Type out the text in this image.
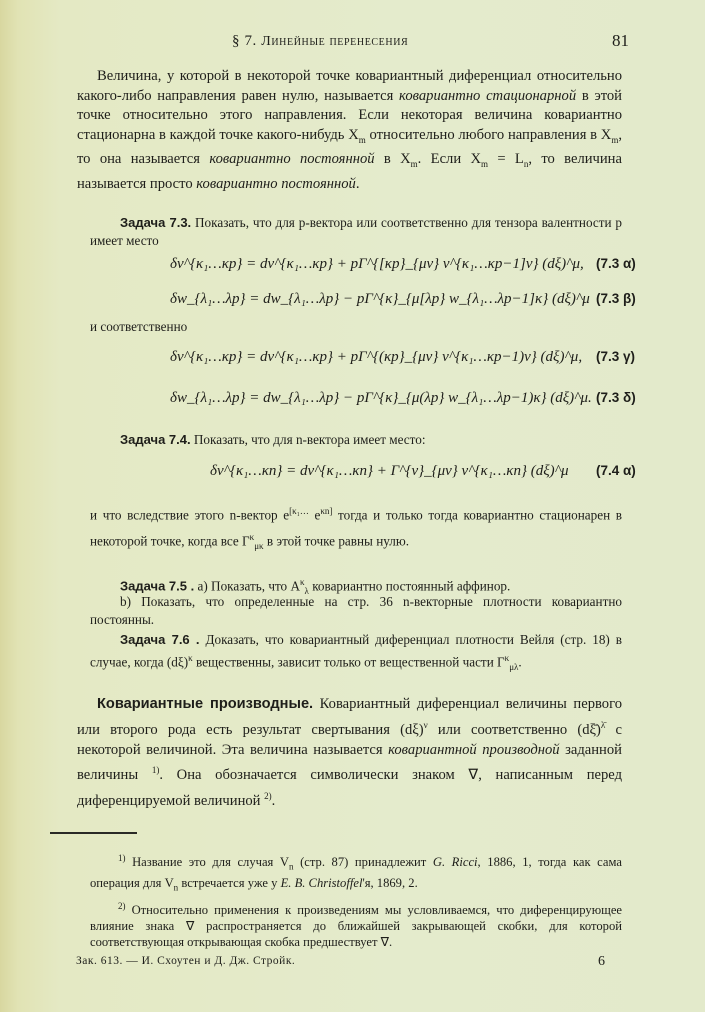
§ 7. Линейные перенесения	81
Величина, у которой в некоторой точке ковариантный диференциал относительно какого-либо направления равен нулю, называется ковариантно стационарной в этой точке относительно этого направления. Если некоторая величина ковариантно стационарна в каждой точке какого-нибудь $X_m$ относительно любого направления в $X_m$, то она называется ковариантно постоянной в $X_m$. Если $X_m = L_n$, то величина называется просто ковариантно постоянной.
Задача 7.3. Показать, что для p-вектора или соответственно для тензора валентности p имеет место
δv^{κ₁…κp} = dv^{κ₁…κp} + pΓ^{[κp}_{μν} v^{κ₁…κp−1]ν} (dξ)^μ, (7.3 α)
δw_{λ₁…λp} = dw_{λ₁…λp} − pΓ^{κ}_{μ[λp} w_{λ₁…λp−1]κ} (dξ)^μ (7.3 β)
и соответственно
δv^{κ₁…κp} = dv^{κ₁…κp} + pΓ^{(κp}_{μν} v^{κ₁…κp−1)ν} (dξ)^μ, (7.3 γ)
δw_{λ₁…λp} = dw_{λ₁…λp} − pΓ^{κ}_{μ(λp} w_{λ₁…λp−1)κ} (dξ)^μ. (7.3 δ)
Задача 7.4. Показать, что для n-вектора имеет место:
δv^{κ₁…κn} = dv^{κ₁…κn} + Γ^{ν}_{μν} v^{κ₁…κn} (dξ)^μ (7.4 α)
и что вследствие этого n-вектор $e^{[\kappa_1\dots}$ $e^{\kappa n]}$ тогда и только тогда ковариантно стационарен в некоторой точке, когда все $\Gamma^\kappa_{\mu\kappa}$ в этой точке равны нулю.
Задача 7.5 . a) Показать, что $A^\kappa_\lambda$ ковариантно постоянный аффинор.
b) Показать, что определенные на стр. 36 n-векторные плотности ковариантно постоянны.
Задача 7.6 . Доказать, что ковариантный диференциал плотности Вейля (стр. 18) в случае, когда $(d\xi)^\kappa$ вещественны, зависит только от вещественной части $\Gamma^\kappa_{\mu\lambda}$.
Ковариантные производные. Ковариантный диференциал величины первого или второго рода есть результат свертывания $(d\xi)^\nu$ или соответственно (dξ̄)$^{\lambdā}$ с некоторой величиной. Эта величина называется ковариантной производной заданной величины $^{1)}$. Она обозначается символически знаком ∇, написанным перед диференцируемой величиной $^{2)}$.
$^{1)}$ Название это для случая $V_n$ (стр. 87) принадлежит G. Ricci, 1886, 1, тогда как сама операция для $V_n$ встречается уже у E. B. Christoffel'я, 1869, 2.
$^{2)}$ Относительно применения к произведениям мы условливаемся, что диференцирующее влияние знака ∇ распространяется до ближайшей закрывающей скобки, для которой соответствующая открывающая скобка предшествует ∇.
Зак. 613. — И. Схоутен и Д. Дж. Стройк.	6
